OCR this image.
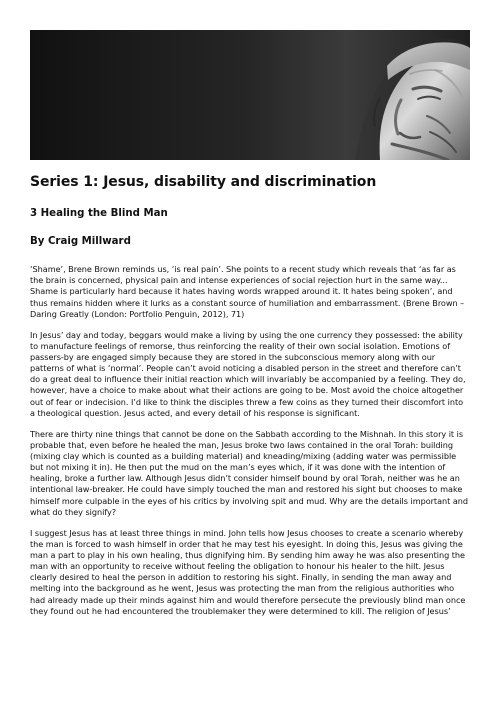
Series 1: Jesus, disability and discrimination
3 Healing the Blind Man
By Craig Millward

‘Shame’, Brene Brown reminds us, ‘is real pain’. She points to a recent study which reveals that ‘as far as the brain is concerned, physical pain and intense experiences of social rejection hurt in the same way... Shame is particularly hard because it hates having words wrapped around it. It hates being spoken’, and thus remains hidden where it lurks as a constant source of humiliation and embarrassment. (Brene Brown – Daring Greatly (London: Portfolio Penguin, 2012), 71)

In Jesus’ day and today, beggars would make a living by using the one currency they possessed: the ability to manufacture feelings of remorse, thus reinforcing the reality of their own social isolation. Emotions of passers-by are engaged simply because they are stored in the subconscious memory along with our patterns of what is ‘normal’. People can’t avoid noticing a disabled person in the street and therefore can’t do a great deal to influence their initial reaction which will invariably be accompanied by a feeling. They do, however, have a choice to make about what their actions are going to be. Most avoid the choice altogether out of fear or indecision. I’d like to think the disciples threw a few coins as they turned their discomfort into a theological question. Jesus acted, and every detail of his response is significant.

There are thirty nine things that cannot be done on the Sabbath according to the Mishnah. In this story it is probable that, even before he healed the man, Jesus broke two laws contained in the oral Torah: building (mixing clay which is counted as a building material) and kneading/mixing (adding water was permissible but not mixing it in). He then put the mud on the man’s eyes which, if it was done with the intention of healing, broke a further law. Although Jesus didn’t consider himself bound by oral Torah, neither was he an intentional law-breaker. He could have simply touched the man and restored his sight but chooses to make himself more culpable in the eyes of his critics by involving spit and mud. Why are the details important and what do they signify?

I suggest Jesus has at least three things in mind. John tells how Jesus chooses to create a scenario whereby the man is forced to wash himself in order that he may test his eyesight. In doing this, Jesus was giving the man a part to play in his own healing, thus dignifying him. By sending him away he was also presenting the man with an opportunity to receive without feeling the obligation to honour his healer to the hilt. Jesus clearly desired to heal the person in addition to restoring his sight. Finally, in sending the man away and melting into the background as he went, Jesus was protecting the man from the religious authorities who had already made up their minds against him and would therefore persecute the previously blind man once they found out he had encountered the troublemaker they were determined to kill. The religion of Jesus’
